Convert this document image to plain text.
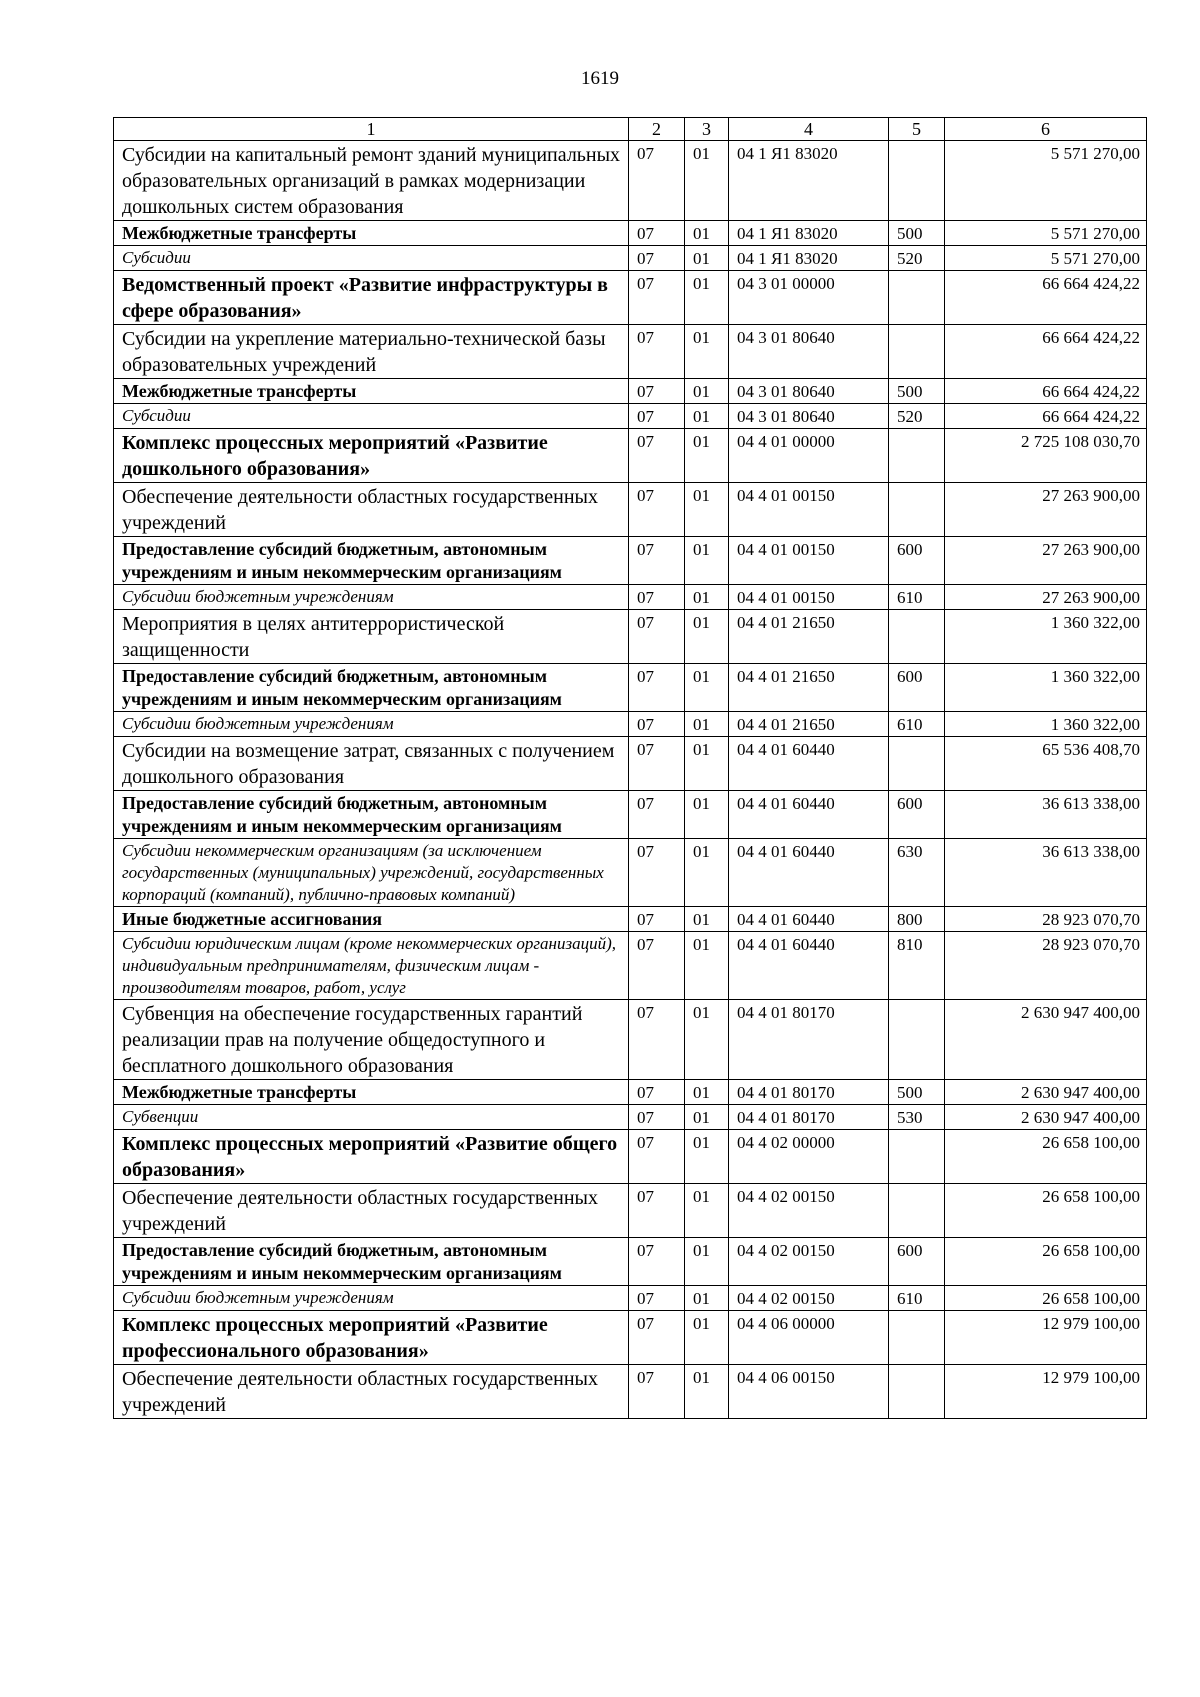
1619
1	2	3	4	5	6
Субсидии на капитальный ремонт зданий муниципальных образовательных организаций в рамках модернизации дошкольных систем образования	07	01	04 1 Я1 83020		5 571 270,00
Межбюджетные трансферты	07	01	04 1 Я1 83020	500	5 571 270,00
Субсидии	07	01	04 1 Я1 83020	520	5 571 270,00
Ведомственный проект «Развитие инфраструктуры в сфере образования»	07	01	04 3 01 00000		66 664 424,22
Субсидии на укрепление материально-технической базы образовательных учреждений	07	01	04 3 01 80640		66 664 424,22
Межбюджетные трансферты	07	01	04 3 01 80640	500	66 664 424,22
Субсидии	07	01	04 3 01 80640	520	66 664 424,22
Комплекс процессных мероприятий «Развитие дошкольного образования»	07	01	04 4 01 00000		2 725 108 030,70
Обеспечение деятельности областных государственных учреждений	07	01	04 4 01 00150		27 263 900,00
Предоставление субсидий бюджетным, автономным учреждениям и иным некоммерческим организациям	07	01	04 4 01 00150	600	27 263 900,00
Субсидии бюджетным учреждениям	07	01	04 4 01 00150	610	27 263 900,00
Мероприятия в целях антитеррористической защищенности	07	01	04 4 01 21650		1 360 322,00
Предоставление субсидий бюджетным, автономным учреждениям и иным некоммерческим организациям	07	01	04 4 01 21650	600	1 360 322,00
Субсидии бюджетным учреждениям	07	01	04 4 01 21650	610	1 360 322,00
Субсидии на возмещение затрат, связанных с получением дошкольного образования	07	01	04 4 01 60440		65 536 408,70
Предоставление субсидий бюджетным, автономным учреждениям и иным некоммерческим организациям	07	01	04 4 01 60440	600	36 613 338,00
Субсидии некоммерческим организациям (за исключением государственных (муниципальных) учреждений, государственных корпораций (компаний), публично-правовых компаний)	07	01	04 4 01 60440	630	36 613 338,00
Иные бюджетные ассигнования	07	01	04 4 01 60440	800	28 923 070,70
Субсидии юридическим лицам (кроме некоммерческих организаций), индивидуальным предпринимателям, физическим лицам - производителям товаров, работ, услуг	07	01	04 4 01 60440	810	28 923 070,70
Субвенция на обеспечение государственных гарантий реализации прав на получение общедоступного и бесплатного дошкольного образования	07	01	04 4 01 80170		2 630 947 400,00
Межбюджетные трансферты	07	01	04 4 01 80170	500	2 630 947 400,00
Субвенции	07	01	04 4 01 80170	530	2 630 947 400,00
Комплекс процессных мероприятий «Развитие общего образования»	07	01	04 4 02 00000		26 658 100,00
Обеспечение деятельности областных государственных учреждений	07	01	04 4 02 00150		26 658 100,00
Предоставление субсидий бюджетным, автономным учреждениям и иным некоммерческим организациям	07	01	04 4 02 00150	600	26 658 100,00
Субсидии бюджетным учреждениям	07	01	04 4 02 00150	610	26 658 100,00
Комплекс процессных мероприятий «Развитие профессионального образования»	07	01	04 4 06 00000		12 979 100,00
Обеспечение деятельности областных государственных учреждений	07	01	04 4 06 00150		12 979 100,00
